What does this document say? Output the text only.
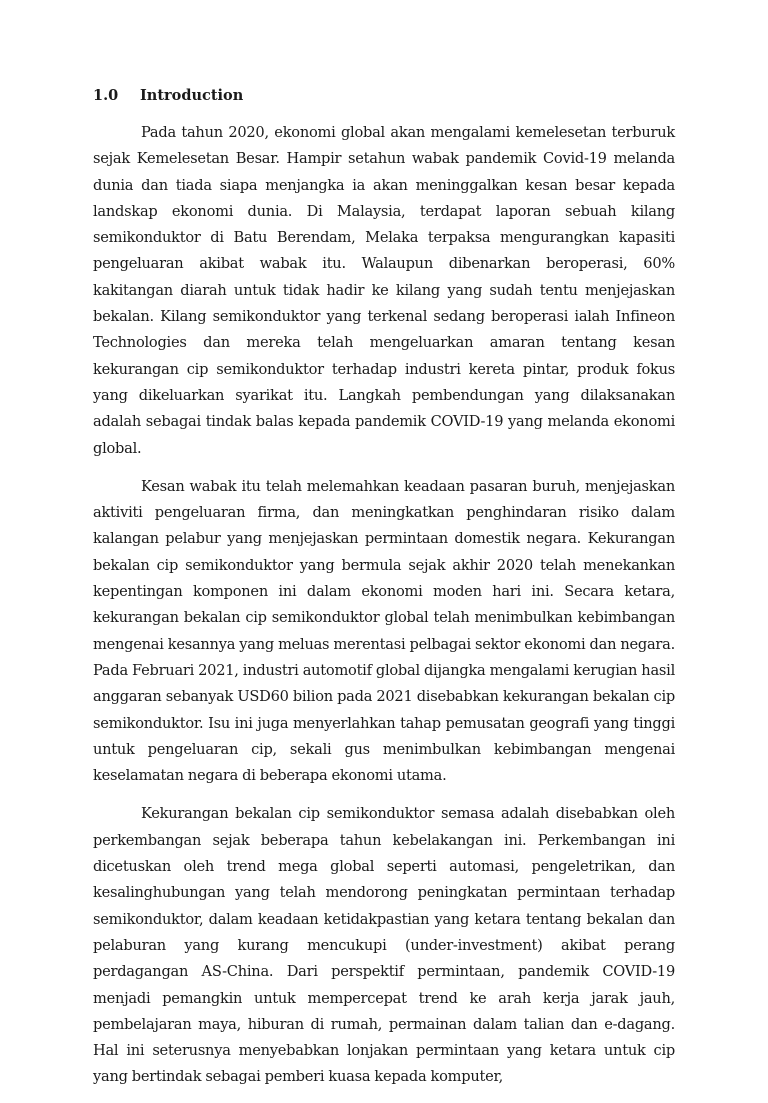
1.0 Introduction

Pada tahun 2020, ekonomi global akan mengalami kemelesetan terburuk sejak Kemelesetan Besar. Hampir setahun wabak pandemik Covid-19 melanda dunia dan tiada siapa menjangka ia akan meninggalkan kesan besar kepada landskap ekonomi dunia. Di Malaysia, terdapat laporan sebuah kilang semikonduktor di Batu Berendam, Melaka terpaksa mengurangkan kapasiti pengeluaran akibat wabak itu. Walaupun dibenarkan beroperasi, 60% kakitangan diarah untuk tidak hadir ke kilang yang sudah tentu menjejaskan bekalan. Kilang semikonduktor yang terkenal sedang beroperasi ialah Infineon Technologies dan mereka telah mengeluarkan amaran tentang kesan kekurangan cip semikonduktor terhadap industri kereta pintar, produk fokus yang dikeluarkan syarikat itu. Langkah pembendungan yang dilaksanakan adalah sebagai tindak balas kepada pandemik COVID-19 yang melanda ekonomi global.

Kesan wabak itu telah melemahkan keadaan pasaran buruh, menjejaskan aktiviti pengeluaran firma, dan meningkatkan penghindaran risiko dalam kalangan pelabur yang menjejaskan permintaan domestik negara. Kekurangan bekalan cip semikonduktor yang bermula sejak akhir 2020 telah menekankan kepentingan komponen ini dalam ekonomi moden hari ini. Secara ketara, kekurangan bekalan cip semikonduktor global telah menimbulkan kebimbangan mengenai kesannya yang meluas merentasi pelbagai sektor ekonomi dan negara. Pada Februari 2021, industri automotif global dijangka mengalami kerugian hasil anggaran sebanyak USD60 bilion pada 2021 disebabkan kekurangan bekalan cip semikonduktor. Isu ini juga menyerlahkan tahap pemusatan geografi yang tinggi untuk pengeluaran cip, sekali gus menimbulkan kebimbangan mengenai keselamatan negara di beberapa ekonomi utama.

Kekurangan bekalan cip semikonduktor semasa adalah disebabkan oleh perkembangan sejak beberapa tahun kebelakangan ini. Perkembangan ini dicetuskan oleh trend mega global seperti automasi, pengeletrikan, dan kesalinghubungan yang telah mendorong peningkatan permintaan terhadap semikonduktor, dalam keadaan ketidakpastian yang ketara tentang bekalan dan pelaburan yang kurang mencukupi (under-investment) akibat perang perdagangan AS-China. Dari perspektif permintaan, pandemik COVID-19 menjadi pemangkin untuk mempercepat trend ke arah kerja jarak jauh, pembelajaran maya, hiburan di rumah, permainan dalam talian dan e-dagang. Hal ini seterusnya menyebabkan lonjakan permintaan yang ketara untuk cip yang bertindak sebagai pemberi kuasa kepada komputer,
